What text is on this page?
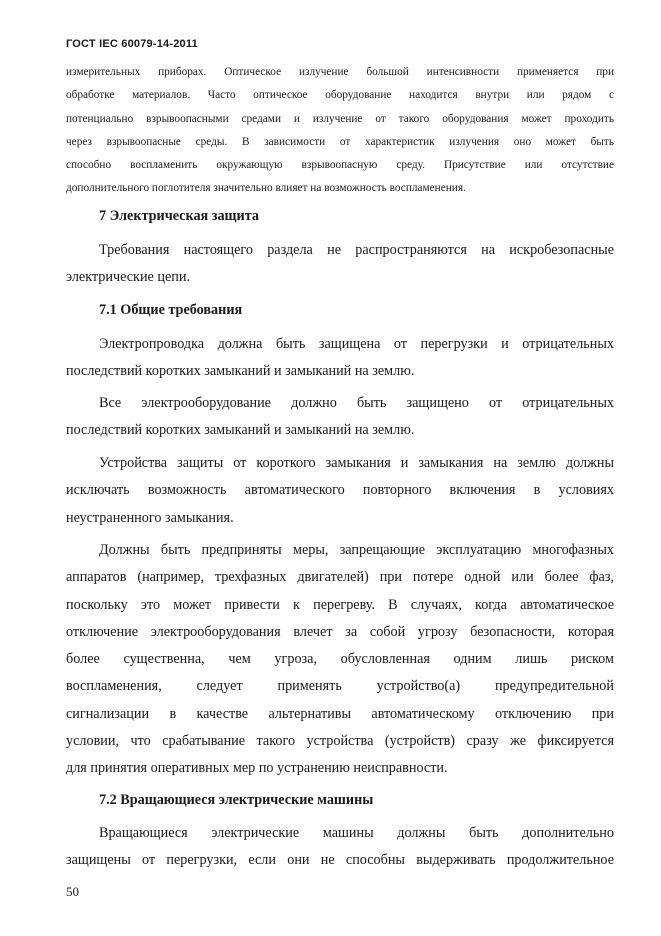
ГОСТ IEC 60079-14-2011
измерительных приборах. Оптическое излучение большой интенсивности применяется при
обработке материалов. Часто оптическое оборудование находится внутри или рядом с
потенциально взрывоопасными средами и излучение от такого оборудования может проходить
через взрывоопасные среды. В зависимости от характеристик излучения оно может быть
способно воспламенить окружающую взрывоопасную среду. Присутствие или отсутствие
дополнительного поглотителя значительно влияет на возможность воспламенения.
7 Электрическая защита
Требования настоящего раздела не распространяются на искробезопасные
электрические цепи.
7.1 Общие требования
Электропроводка должна быть защищена от перегрузки и отрицательных
последствий коротких замыканий и замыканий на землю.
Все электрооборудование должно быть защищено от отрицательных
последствий коротких замыканий и замыканий на землю.
Устройства защиты от короткого замыкания и замыкания на землю должны
исключать возможность автоматического повторного включения в условиях
неустраненного замыкания.
Должны быть предприняты меры, запрещающие эксплуатацию многофазных
аппаратов (например, трехфазных двигателей) при потере одной или более фаз,
поскольку это может привести к перегреву. В случаях, когда автоматическое
отключение электрооборудования влечет за собой угрозу безопасности, которая
более существенна, чем угроза, обусловленная одним лишь риском
воспламенения, следует применять устройство(а) предупредительной
сигнализации в качестве альтернативы автоматическому отключению при
условии, что срабатывание такого устройства (устройств) сразу же фиксируется
для принятия оперативных мер по устранению неисправности.
7.2 Вращающиеся электрические машины
Вращающиеся электрические машины должны быть дополнительно
защищены от перегрузки, если они не способны выдерживать продолжительное
50
